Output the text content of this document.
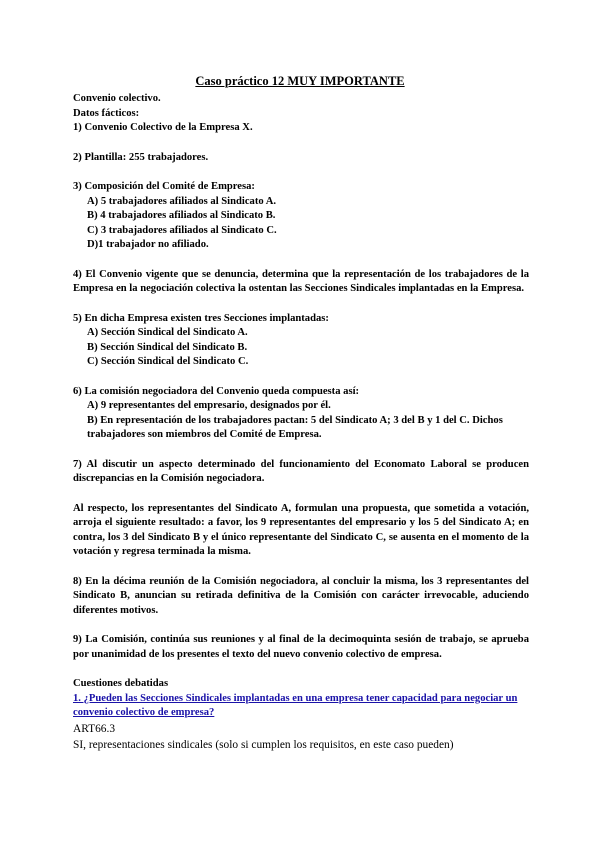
Caso práctico 12 MUY IMPORTANTE

Convenio colectivo.

Datos fácticos:

1) Convenio Colectivo de la Empresa X.

2) Plantilla: 255 trabajadores.

3) Composición del Comité de Empresa:

A) 5 trabajadores afiliados al Sindicato A.

B) 4 trabajadores afiliados al Sindicato B.

C) 3 trabajadores afiliados al Sindicato C.

D)1 trabajador no afiliado.

4) El Convenio vigente que se denuncia, determina que la representación de los trabajadores de la Empresa en la negociación colectiva la ostentan las Secciones Sindicales implantadas en la Empresa.

5) En dicha Empresa existen tres Secciones implantadas:

A) Sección Sindical del Sindicato A.

B) Sección Sindical del Sindicato B.

C) Sección Sindical del Sindicato C.

6) La comisión negociadora del Convenio queda compuesta así:

A) 9 representantes del empresario, designados por él.

B) En representación de los trabajadores pactan: 5 del Sindicato A; 3 del B y 1 del C. Dichos trabajadores son miembros del Comité de Empresa.

7) Al discutir un aspecto determinado del funcionamiento del Economato Laboral se producen discrepancias en la Comisión negociadora.

Al respecto, los representantes del Sindicato A, formulan una propuesta, que sometida a votación, arroja el siguiente resultado: a favor, los 9 representantes del empresario y los 5 del Sindicato A; en contra, los 3 del Sindicato B y el único representante del Sindicato C, se ausenta en el momento de la votación y regresa terminada la misma.

8) En la décima reunión de la Comisión negociadora, al concluir la misma, los 3 representantes del Sindicato B, anuncian su retirada definitiva de la Comisión con carácter irrevocable, aduciendo diferentes motivos.

9) La Comisión, continúa sus reuniones y al final de la decimoquinta sesión de trabajo, se aprueba por unanimidad de los presentes el texto del nuevo convenio colectivo de empresa.

Cuestiones debatidas

1. ¿Pueden las Secciones Sindicales implantadas en una empresa tener capacidad para negociar un convenio colectivo de empresa?

ART66.3

SI, representaciones sindicales (solo si cumplen los requisitos, en este caso pueden)
